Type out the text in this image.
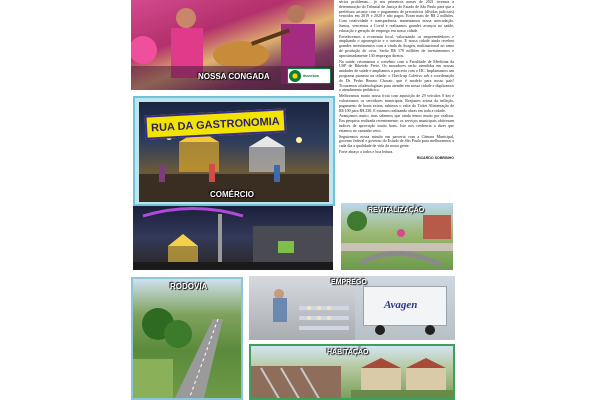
NOSSA CONGADA	Ituverava

sérios problemas... já nos primeiros meses de 2021 tivemos a determinação do Tribunal de Justiça do Estado de São Paulo para que a prefeitura arcasse com o pagamento de precatórios (dívidas judiciais) vencidos em 2019 e 2020 e não pagos. Eram mais de R$ 2 milhões. Com criatividade e transparência, aumentamos nossa arrecadação. Juntos, vencemos a Covid e realizamos grandes avanços na saúde, educação e geração de emprego em nosso cidade.

Fortalecemos a economia local, valorizando os empreendedores e ampliando o agronegócio e o turismo. E nossa cidade ainda recebeu grandes investimentos com a vinda da Avagen, multinacional no ramo de produção de ovos. Serão R$ 170 milhões de investimentos e aproximadamente 130 empregos diretos.

Na saúde, retomamos o convênio com a Faculdade de Medicina da USP de Ribeirão Preto. Os moradores serão atendidos em nossas unidades de saúde e ampliamos a parceria com o HC. Implantamos um programa pioneiro na cidade: o Check-up Coletivo sob a coordenação do Dr. Pedro Renato Chocair, que é modelo para nosso país! Trouxemos oftalmologistas para atender em nossa cidade e duplicamos o atendimento pediátrico.

Melhoramos muito nossa frota com aquisição de 29 veículos 0 km e valorizamos os servidores municipais. Reajustes acima da inflação, pagamento de horas extras, subimos o valor do Ticket Alimentação de R$ 100 para R$ 230. E estamos realizando obras em toda a cidade.

Avançamos muito, mas sabemos que ainda temos muito por realizar. Em pesquisa realizada recentemente, os serviços municipais obtiveram índices de aprovação muito bons. Isto nos credencia a dizer que estamos no caminho certo.

Seguiremos nossa missão em parceria com a Câmara Municipal, governo federal e governo do Estado de São Paulo para melhorarmos a cada dia a qualidade de vida da nossa gente.

Forte abraço a todos e boa leitura.

RICARDO SOBRINHO

RUA DA GASTRONOMIA
COMÉRCIO
REVITALIZAÇÃO
RODOVIA
Avagen
EMPREGO
HABITAÇÃO
